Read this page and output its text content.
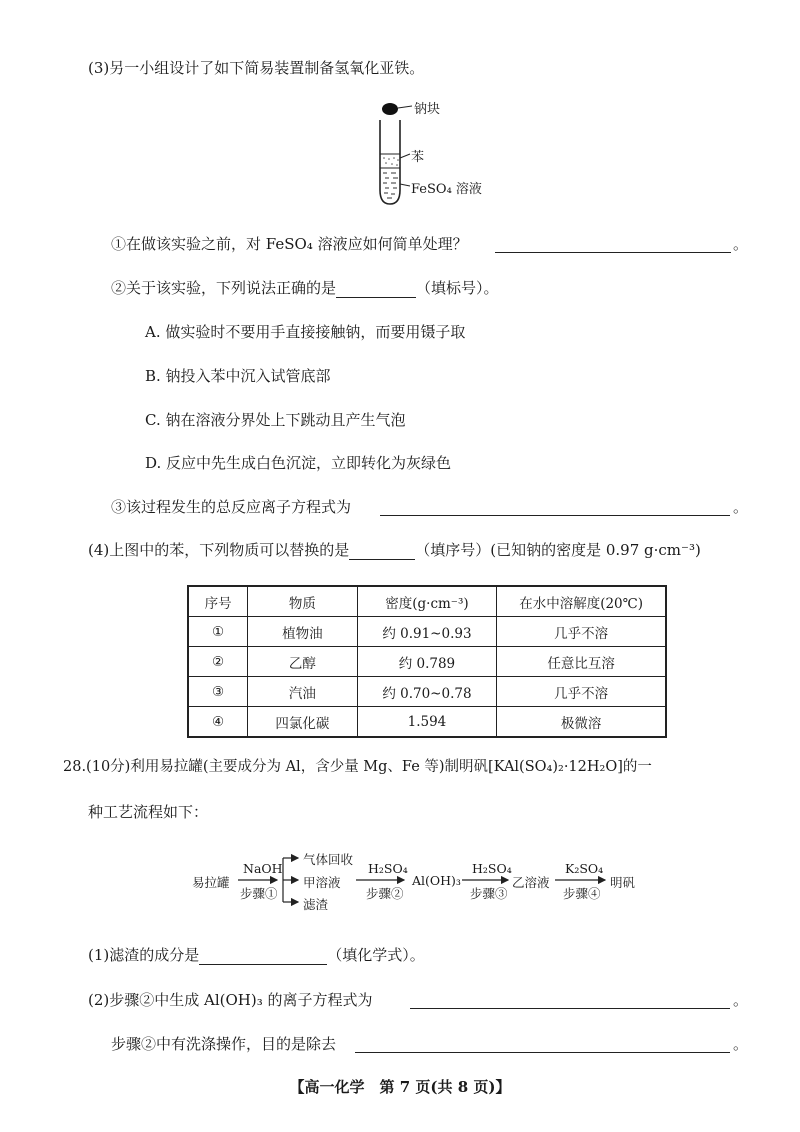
(3)另一小组设计了如下简易装置制备氢氧化亚铁。
钠块
苯
FeSO₄ 溶液
①在做该实验之前，对 FeSO₄ 溶液应如何简单处理？	。
②关于该实验，下列说法正确的是	（填标号）。
A. 做实验时不要用手直接接触钠，而要用镊子取
B. 钠投入苯中沉入试管底部
C. 钠在溶液分界处上下跳动且产生气泡
D. 反应中先生成白色沉淀，立即转化为灰绿色
③该过程发生的总反应离子方程式为	。
(4)上图中的苯，下列物质可以替换的是	（填序号）(已知钠的密度是 0.97 g·cm⁻³)
序号	物质	密度(g·cm⁻³)	在水中溶解度(20℃)
①	植物油	约 0.91~0.93	几乎不溶
②	乙醇	约 0.789	任意比互溶
③	汽油	约 0.70~0.78	几乎不溶
④	四氯化碳	1.594	极微溶
28.(10分)利用易拉罐(主要成分为 Al，含少量 Mg、Fe 等)制明矾[KAl(SO₄)₂·12H₂O]的一
种工艺流程如下：
易拉罐
NaOH
步骤①
气体回收
甲溶液
滤渣
H₂SO₄
步骤②
Al(OH)₃
H₂SO₄
步骤③
乙溶液
K₂SO₄
步骤④
明矾
(1)滤渣的成分是	（填化学式）。
(2)步骤②中生成 Al(OH)₃ 的离子方程式为	。
步骤②中有洗涤操作，目的是除去	。
【高一化学　第 7 页(共 8 页)】
